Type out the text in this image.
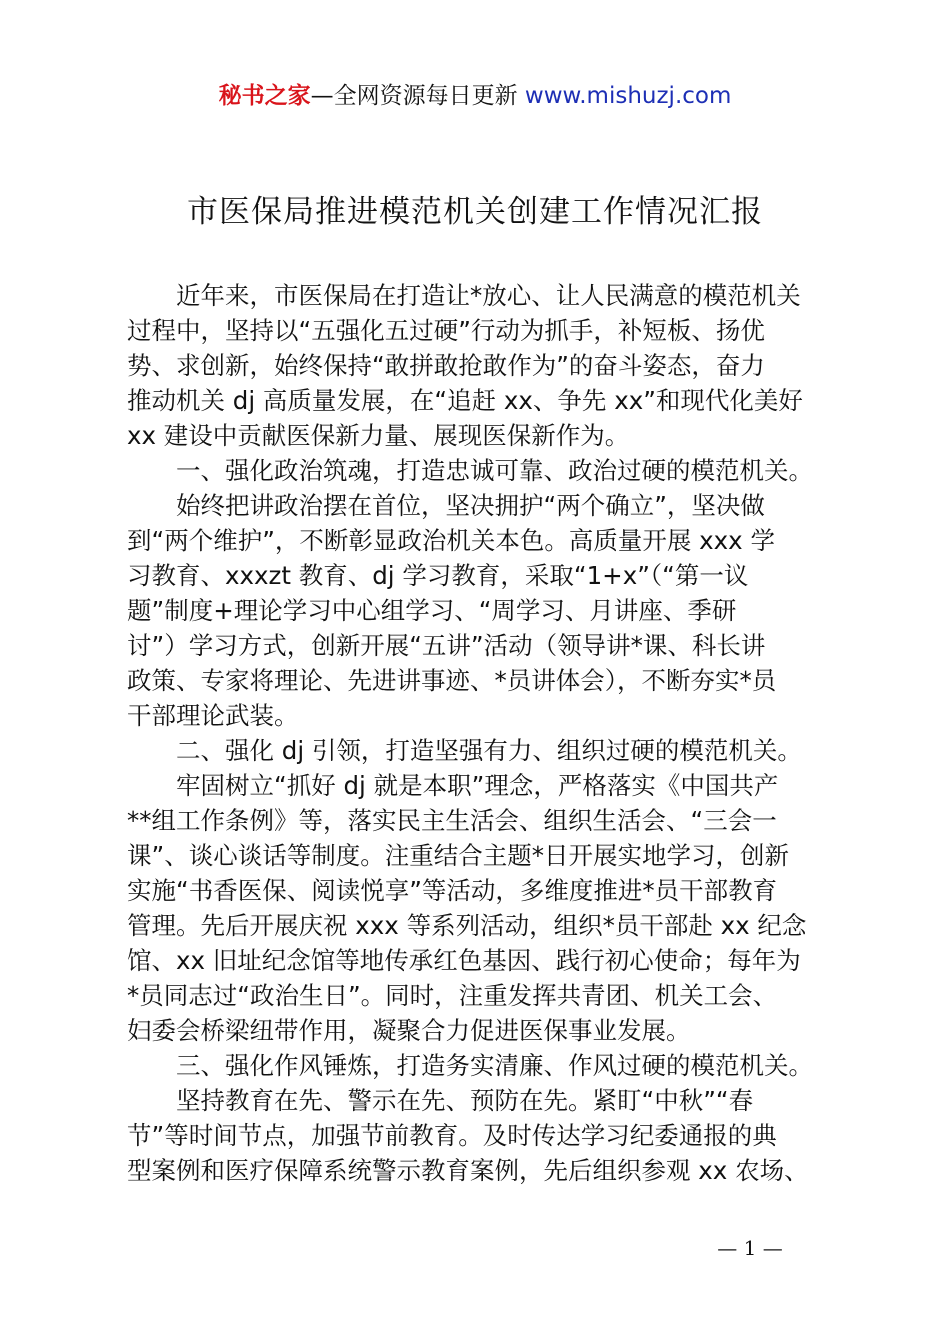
秘书之家—全网资源每日更新 www.mishuzj.com
市医保局推进模范机关创建工作情况汇报
　　近年来，市医保局在打造让*放心、让人民满意的模范机关
过程中，坚持以“五强化五过硬”行动为抓手，补短板、扬优
势、求创新，始终保持“敢拼敢抢敢作为”的奋斗姿态，奋力
推动机关 dj 高质量发展，在“追赶 xx、争先 xx”和现代化美好
xx 建设中贡献医保新力量、展现医保新作为。
　　一、强化政治筑魂，打造忠诚可靠、政治过硬的模范机关。
　　始终把讲政治摆在首位，坚决拥护“两个确立”，坚决做
到“两个维护”，不断彰显政治机关本色。高质量开展 xxx 学
习教育、xxxzt 教育、dj 学习教育，采取“1+x”（“第一议
题”制度+理论学习中心组学习、“周学习、月讲座、季研
讨”）学习方式，创新开展“五讲”活动（领导讲*课、科长讲
政策、专家将理论、先进讲事迹、*员讲体会），不断夯实*员
干部理论武装。
　　二、强化 dj 引领，打造坚强有力、组织过硬的模范机关。
　　牢固树立“抓好 dj 就是本职”理念，严格落实《中国共产
**组工作条例》等，落实民主生活会、组织生活会、“三会一
课”、谈心谈话等制度。注重结合主题*日开展实地学习，创新
实施“书香医保、阅读悦享”等活动，多维度推进*员干部教育
管理。先后开展庆祝 xxx 等系列活动，组织*员干部赴 xx 纪念
馆、xx 旧址纪念馆等地传承红色基因、践行初心使命；每年为
*员同志过“政治生日”。同时，注重发挥共青团、机关工会、
妇委会桥梁纽带作用，凝聚合力促进医保事业发展。
　　三、强化作风锤炼，打造务实清廉、作风过硬的模范机关。
　　坚持教育在先、警示在先、预防在先。紧盯“中秋”“春
节”等时间节点，加强节前教育。及时传达学习纪委通报的典
型案例和医疗保障系统警示教育案例，先后组织参观 xx 农场、
— 1 —
